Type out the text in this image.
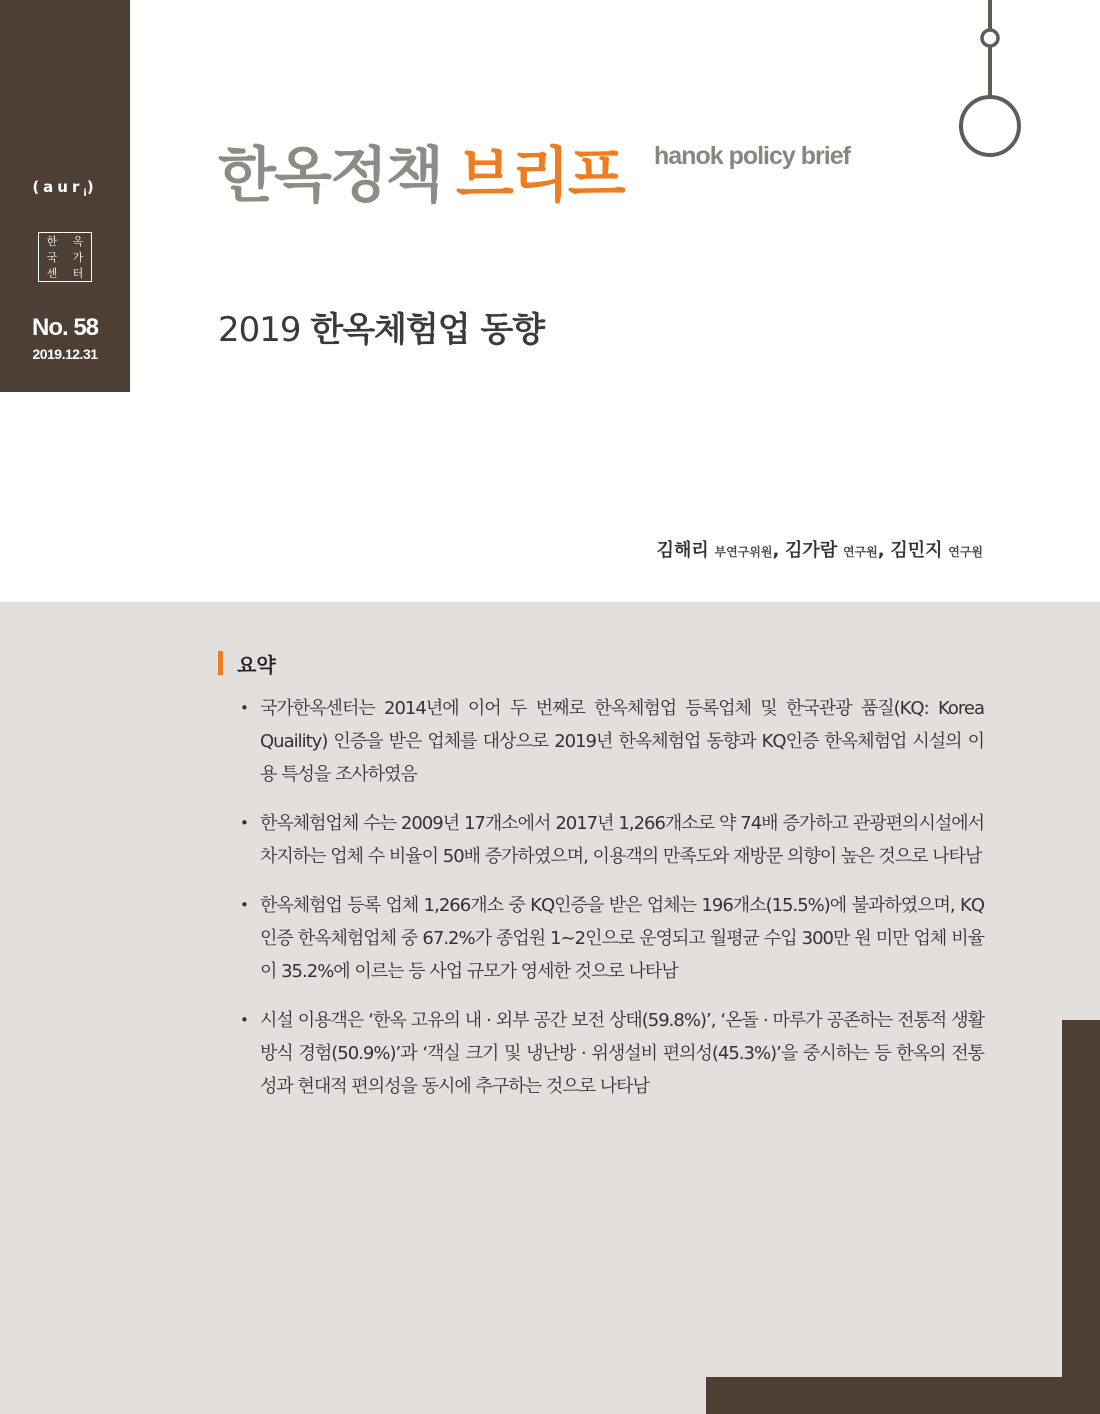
(aur$_i$)
한	옥
국	가
센	터
No. 58
2019.12.31
한옥정책 브리프 hanok policy brief
2019 한옥체험업 동향
김해리 부연구위원, 김가람 연구원, 김민지 연구원
요약
• 국가한옥센터는 2014년에 이어 두 번째로 한옥체험업 등록업체 및 한국관광 품질(KQ: Korea Quaility) 인증을 받은 업체를 대상으로 2019년 한옥체험업 동향과 KQ인증 한옥체험업 시설의 이용 특성을 조사하였음
• 한옥체험업체 수는 2009년 17개소에서 2017년 1,266개소로 약 74배 증가하고 관광편의시설에서 차지하는 업체 수 비율이 50배 증가하였으며, 이용객의 만족도와 재방문 의향이 높은 것으로 나타남
• 한옥체험업 등록 업체 1,266개소 중 KQ인증을 받은 업체는 196개소(15.5%)에 불과하였으며, KQ인증 한옥체험업체 중 67.2%가 종업원 1~2인으로 운영되고 월평균 수입 300만 원 미만 업체 비율이 35.2%에 이르는 등 사업 규모가 영세한 것으로 나타남
• 시설 이용객은 ‘한옥 고유의 내 · 외부 공간 보전 상태(59.8%)’, ‘온돌 · 마루가 공존하는 전통적 생활 방식 경험(50.9%)’과 ‘객실 크기 및 냉난방 · 위생설비 편의성(45.3%)’을 중시하는 등 한옥의 전통성과 현대적 편의성을 동시에 추구하는 것으로 나타남
